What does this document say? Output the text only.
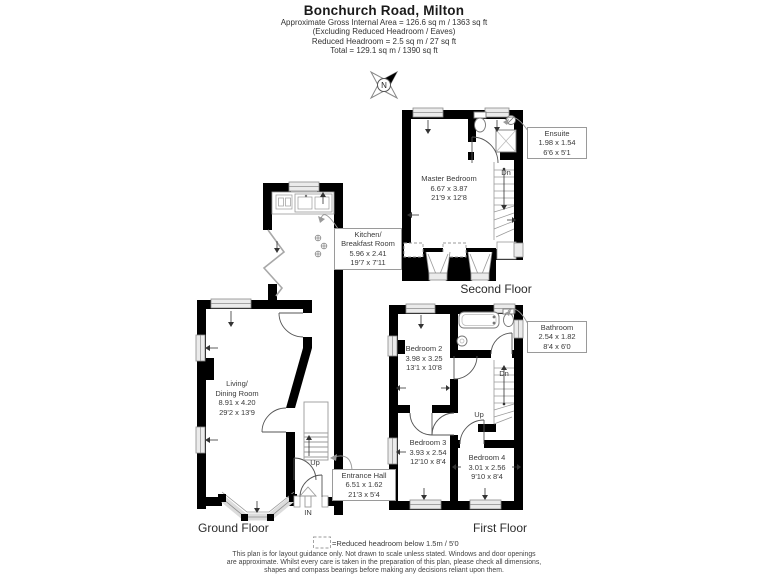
Bonchurch Road, Milton
Approximate Gross Internal Area = 126.6 sq m / 1363 sq ft
(Excluding Reduced Headroom / Eaves)
Reduced Headroom = 2.5 sq m / 27 sq ft
Total = 129.1 sq m / 1390 sq ft
N
Living/
Dining Room
8.91 x 4.20
29'2 x 13'9
Kitchen/
Breakfast Room
5.96 x 2.41
19'7 x 7'11
Entrance Hall
6.51 x 1.62
21'3 x 5'4
Up
IN
Ground Floor
Master Bedroom
6.67 x 3.87
21'9 x 12'8
Ensuite
1.98 x 1.54
6'6 x 5'1
Dn
Second Floor
Bedroom 2
3.98 x 3.25
13'1 x 10'8
Bathroom
2.54 x 1.82
8'4 x 6'0
Bedroom 3
3.93 x 2.54
12'10 x 8'4	Bedroom 4
3.01 x 2.56
9'10 x 8'4
Dn
Up
First Floor
=Reduced headroom below 1.5m / 5'0
This plan is for layout guidance only. Not drawn to scale unless stated. Windows and door openings
are approximate. Whilst every care is taken in the preparation of this plan, please check all dimensions,
shapes and compass bearings before making any decisions reliant upon them.
